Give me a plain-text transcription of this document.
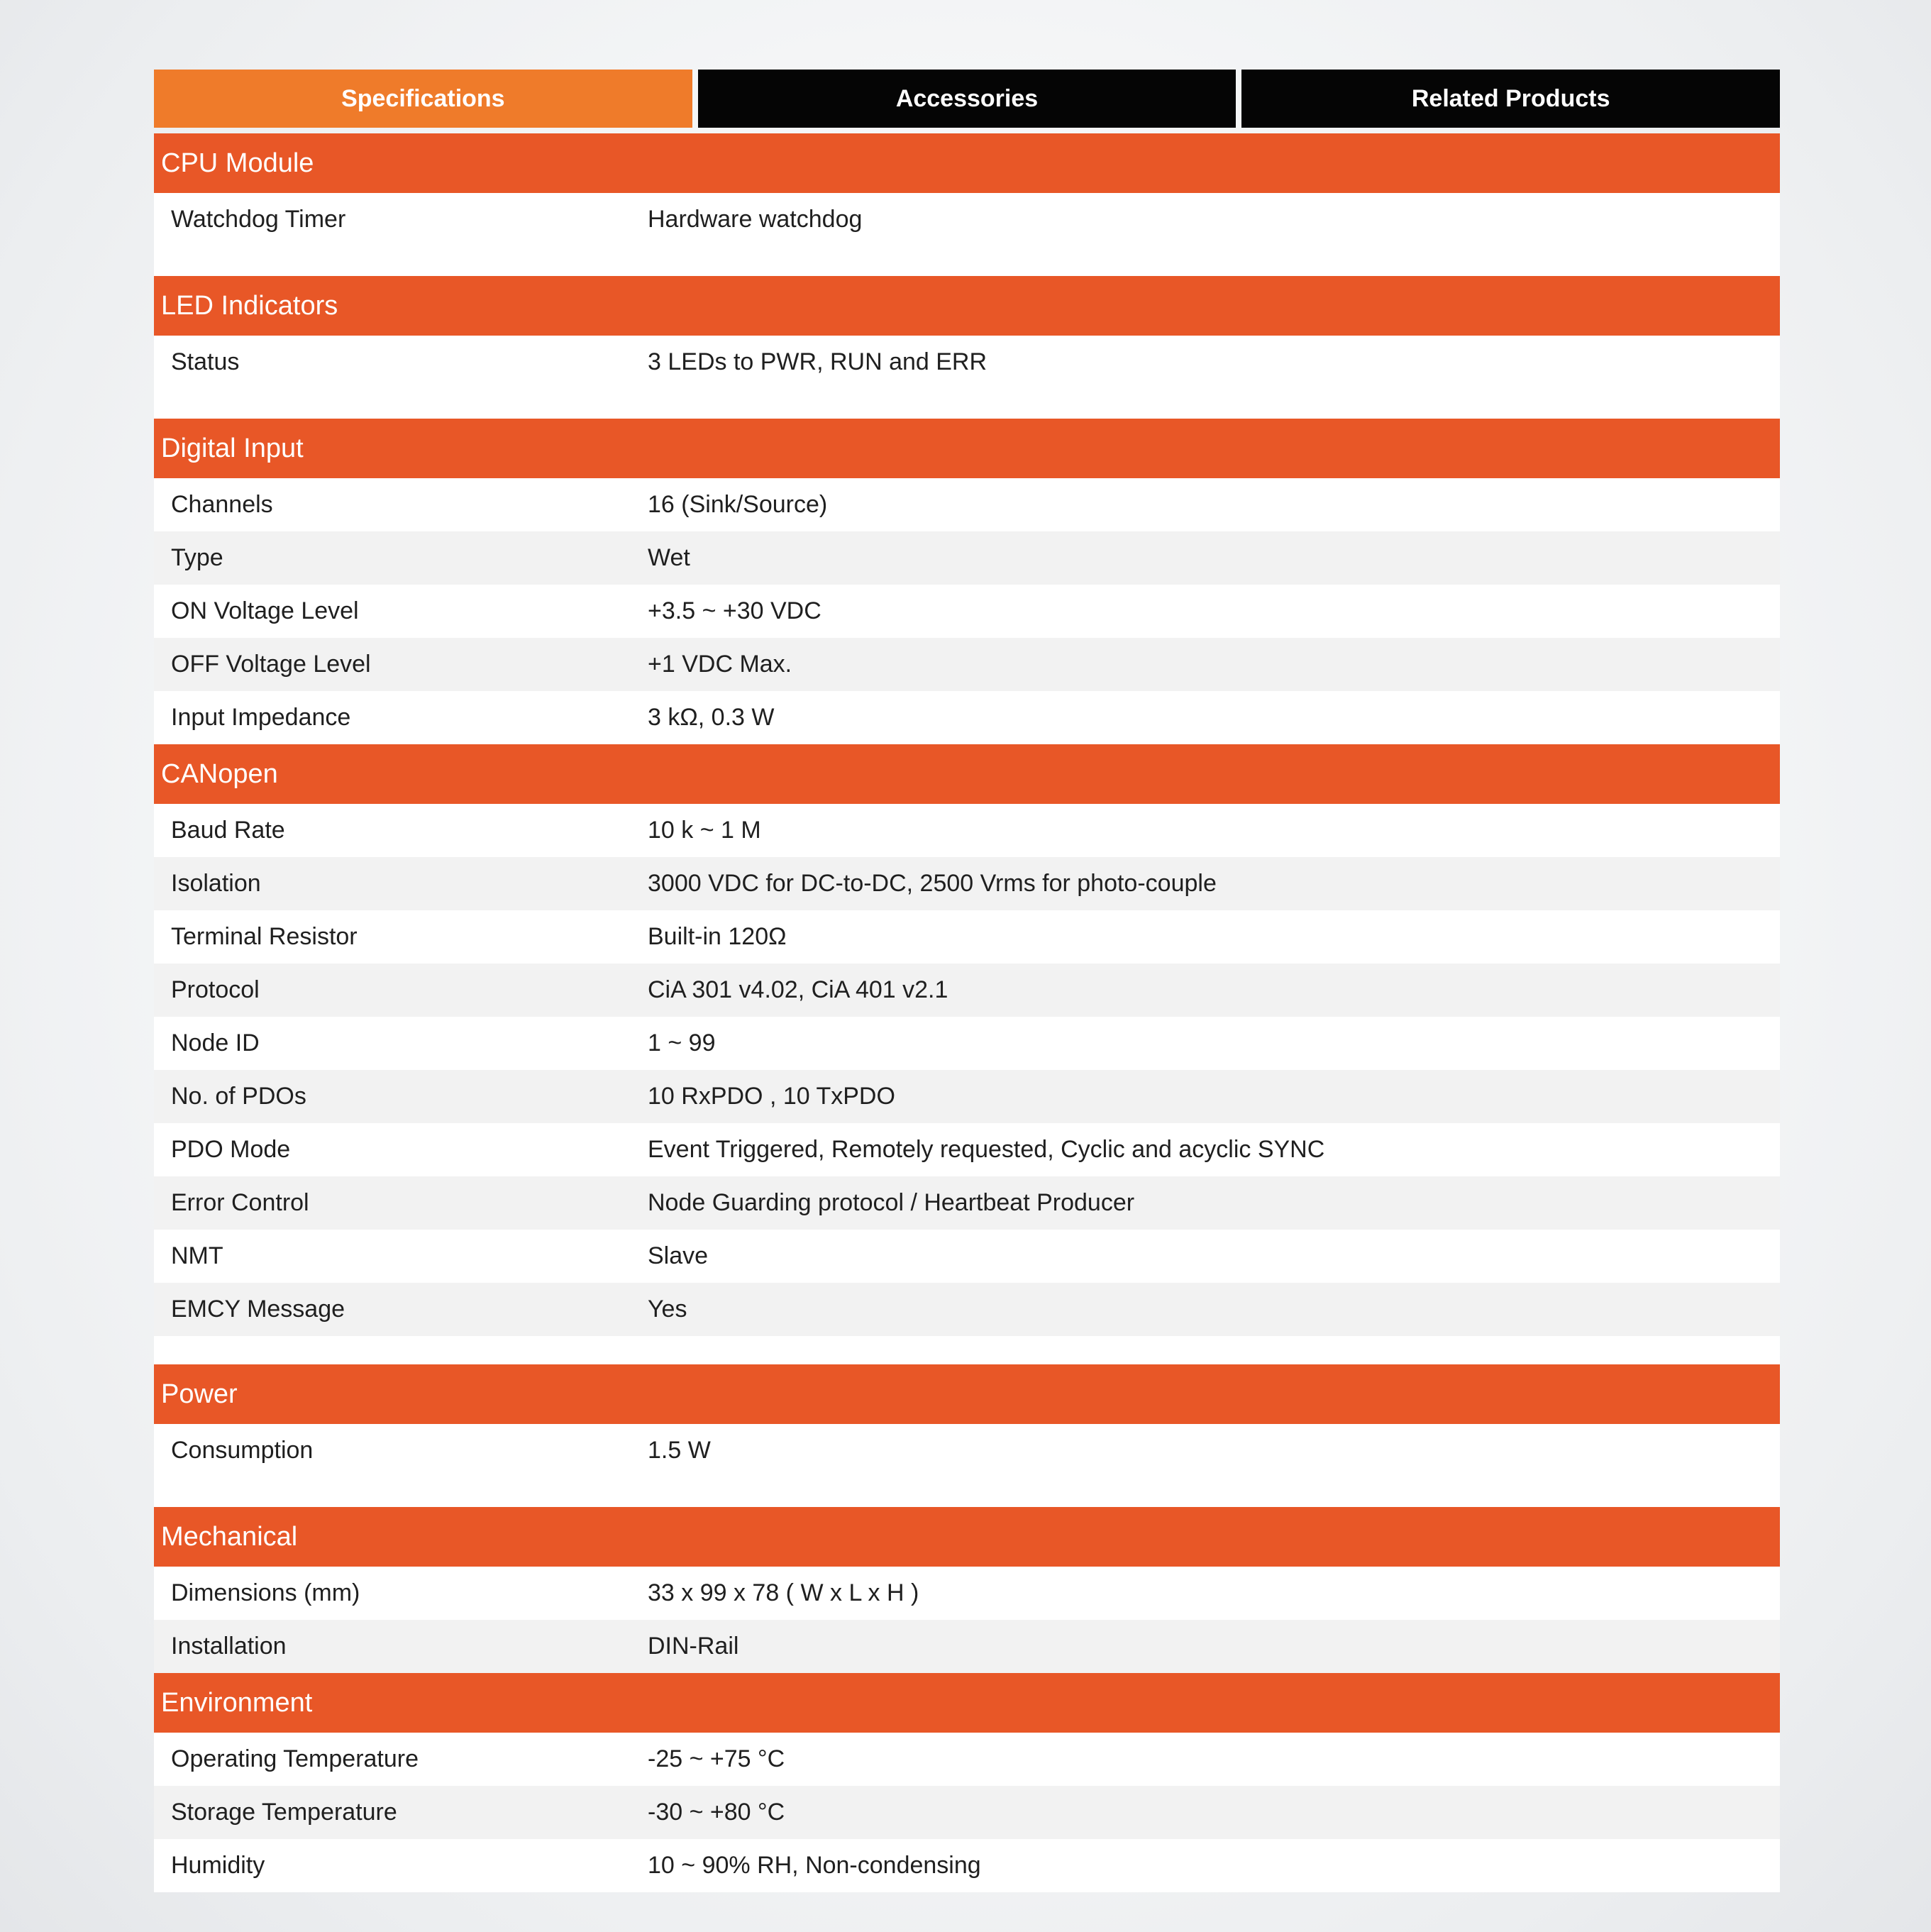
Specifications	Accessories	Related Products
CPU Module
Watchdog Timer	Hardware watchdog
LED Indicators
Status	3 LEDs to PWR, RUN and ERR
Digital Input
Channels	16 (Sink/Source)
Type	Wet
ON Voltage Level	+3.5 ~ +30 VDC
OFF Voltage Level	+1 VDC Max.
Input Impedance	3 kΩ, 0.3 W
CANopen
Baud Rate	10 k ~ 1 M
Isolation	3000 VDC for DC-to-DC, 2500 Vrms for photo-couple
Terminal Resistor	Built-in 120Ω
Protocol	CiA 301 v4.02, CiA 401 v2.1
Node ID	1 ~ 99
No. of PDOs	10 RxPDO , 10 TxPDO
PDO Mode	Event Triggered, Remotely requested, Cyclic and acyclic SYNC
Error Control	Node Guarding protocol / Heartbeat Producer
NMT	Slave
EMCY Message	Yes
Power
Consumption	1.5 W
Mechanical
Dimensions (mm)	33 x 99 x 78 ( W x L x H )
Installation	DIN-Rail
Environment
Operating Temperature	-25 ~ +75 °C
Storage Temperature	-30 ~ +80 °C
Humidity	10 ~ 90% RH, Non-condensing
